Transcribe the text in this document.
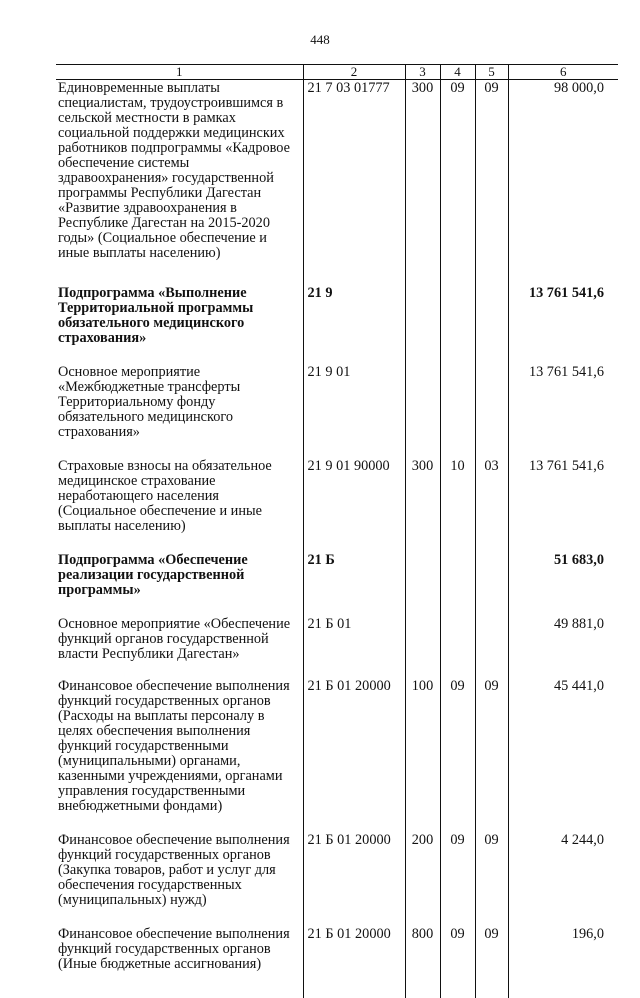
448
1	2	3	4	5	6
Единовременные выплаты специалистам, трудоустроившимся в сельской местности в рамках социальной поддержки медицинских работников подпрограммы «Кадровое обеспечение системы здравоохранения» государственной программы Республики Дагестан «Развитие здравоохранения в Республике Дагестан на 2015-2020 годы» (Социальное обеспечение и иные выплаты населению)	21 7 03 01777	300	09	09	98 000,0
Подпрограмма «Выполнение Территориальной программы обязательного медицинского страхования»	21 9				13 761 541,6
Основное мероприятие «Межбюджетные трансферты Территориальному фонду обязательного медицинского страхования»	21 9 01				13 761 541,6
Страховые взносы на обязательное медицинское страхование неработающего населения (Социальное обеспечение и иные выплаты населению)	21 9 01 90000	300	10	03	13 761 541,6
Подпрограмма «Обеспечение реализации государственной программы»	21 Б				51 683,0
Основное мероприятие «Обеспечение функций органов государственной власти Республики Дагестан»	21 Б 01				49 881,0
Финансовое обеспечение выполнения функций государственных органов (Расходы на выплаты персоналу в целях обеспечения выполнения функций государственными (муниципальными) органами, казенными учреждениями, органами управления государственными внебюджетными фондами)	21 Б 01 20000	100	09	09	45 441,0
Финансовое обеспечение выполнения функций государственных органов (Закупка товаров, работ и услуг для обеспечения государственных (муниципальных) нужд)	21 Б 01 20000	200	09	09	4 244,0
Финансовое обеспечение выполнения функций государственных органов (Иные бюджетные ассигнования)	21 Б 01 20000	800	09	09	196,0
